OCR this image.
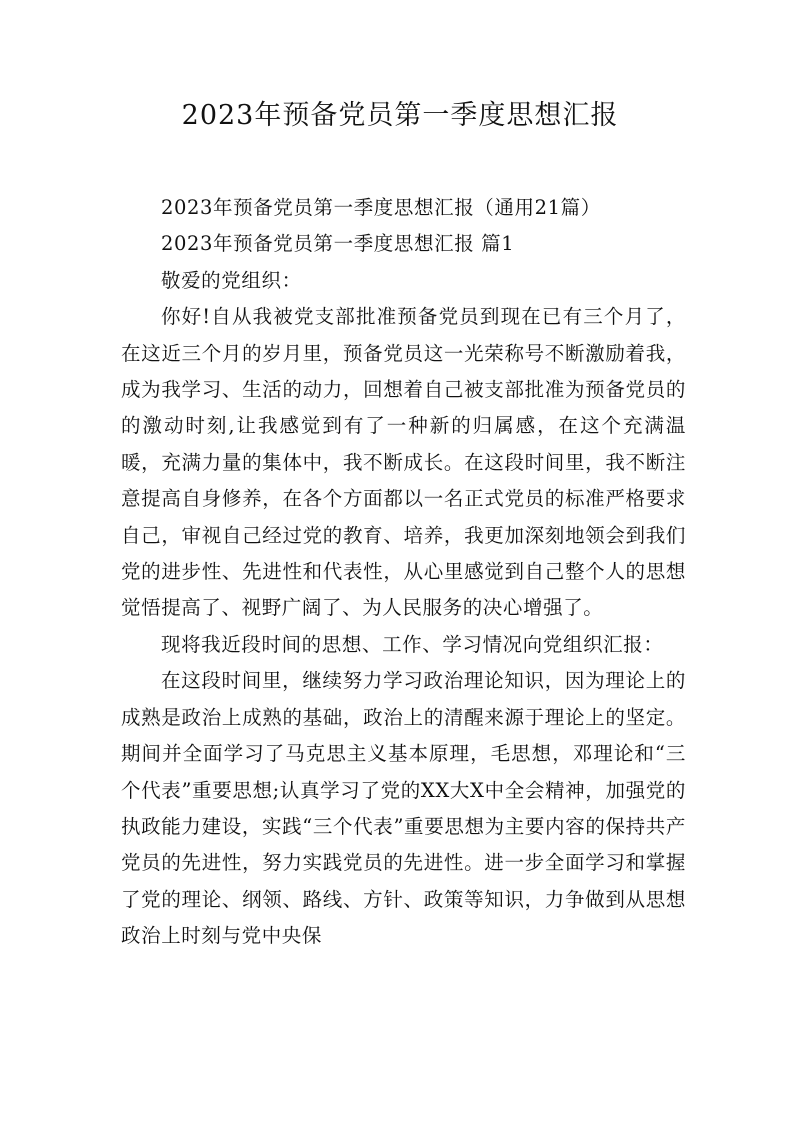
2023年预备党员第一季度思想汇报

2023年预备党员第一季度思想汇报（通用21篇）

2023年预备党员第一季度思想汇报 篇1

敬爱的党组织：

你好!自从我被党支部批准预备党员到现在已有三个月了，在这近三个月的岁月里，预备党员这一光荣称号不断激励着我，成为我学习、生活的动力，回想着自己被支部批准为预备党员的的激动时刻,让我感觉到有了一种新的归属感，在这个充满温暖，充满力量的集体中，我不断成长。在这段时间里，我不断注意提高自身修养，在各个方面都以一名正式党员的标准严格要求自己，审视自己经过党的教育、培养，我更加深刻地领会到我们党的进步性、先进性和代表性，从心里感觉到自己整个人的思想觉悟提高了、视野广阔了、为人民服务的决心增强了。

现将我近段时间的思想、工作、学习情况向党组织汇报：

在这段时间里，继续努力学习政治理论知识，因为理论上的成熟是政治上成熟的基础，政治上的清醒来源于理论上的坚定。期间并全面学习了马克思主义基本原理，毛思想，邓理论和“三个代表”重要思想;认真学习了党的XX大X中全会精神，加强党的执政能力建设，实践“三个代表”重要思想为主要内容的保持共产党员的先进性，努力实践党员的先进性。进一步全面学习和掌握了党的理论、纲领、路线、方针、政策等知识，力争做到从思想政治上时刻与党中央保
